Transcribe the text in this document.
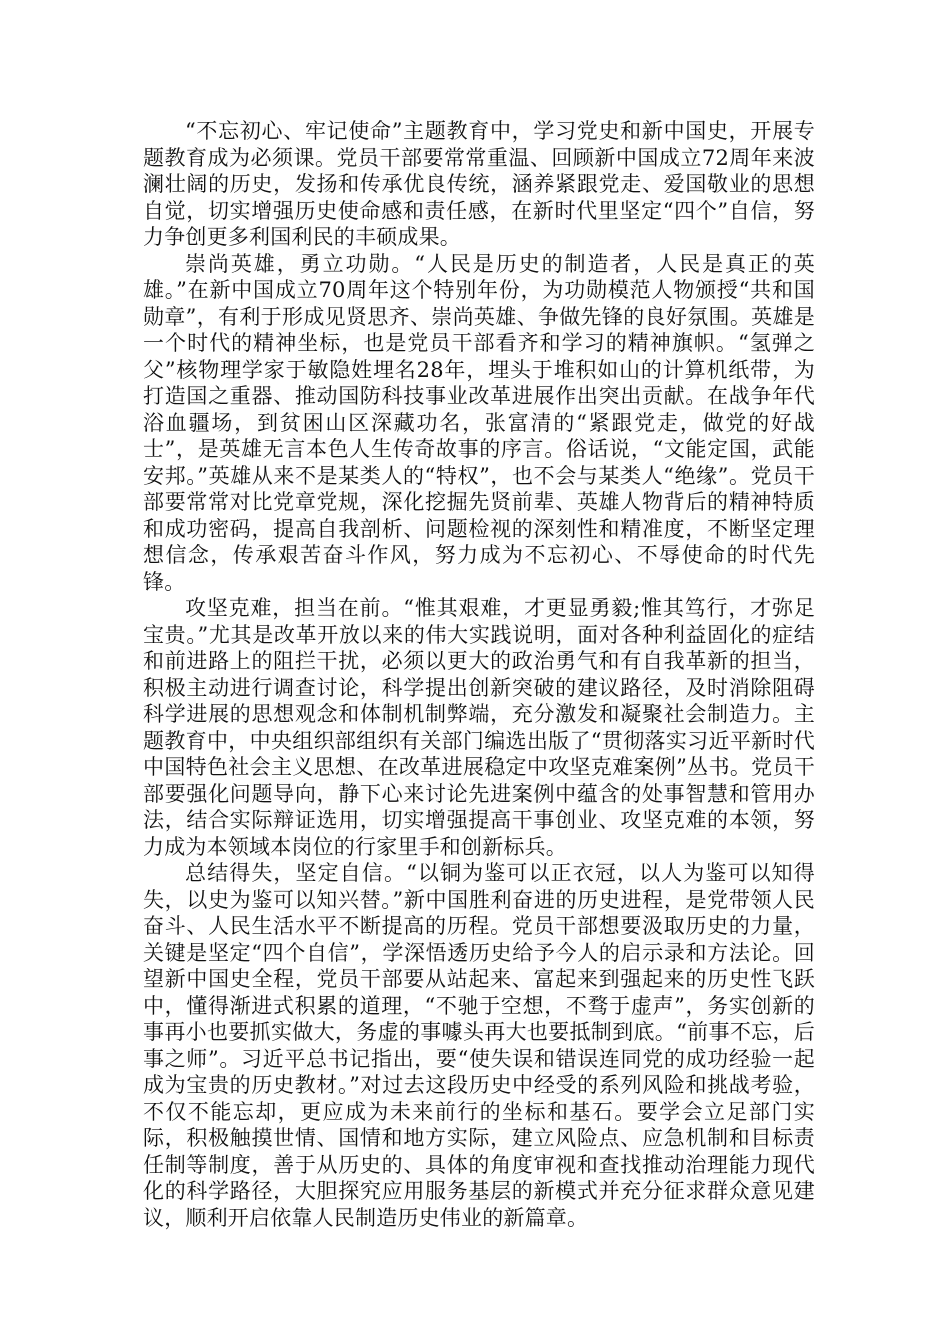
“不忘初心、牢记使命”主题教育中，学习党史和新中国史，开展专题教育成为必须课。党员干部要常常重温、回顾新中国成立72周年来波澜壮阔的历史，发扬和传承优良传统，涵养紧跟党走、爱国敬业的思想自觉，切实增强历史使命感和责任感，在新时代里坚定“四个”自信，努力争创更多利国利民的丰硕成果。

崇尚英雄，勇立功勋。“人民是历史的制造者，人民是真正的英雄。”在新中国成立70周年这个特别年份，为功勋模范人物颁授“共和国勋章”，有利于形成见贤思齐、崇尚英雄、争做先锋的良好氛围。英雄是一个时代的精神坐标，也是党员干部看齐和学习的精神旗帜。“氢弹之父”核物理学家于敏隐姓埋名28年，埋头于堆积如山的计算机纸带，为打造国之重器、推动国防科技事业改革进展作出突出贡献。在战争年代浴血疆场，到贫困山区深藏功名，张富清的“紧跟党走，做党的好战士”，是英雄无言本色人生传奇故事的序言。俗话说，“文能定国，武能安邦。”英雄从来不是某类人的“特权”，也不会与某类人“绝缘”。党员干部要常常对比党章党规，深化挖掘先贤前辈、英雄人物背后的精神特质和成功密码，提高自我剖析、问题检视的深刻性和精准度，不断坚定理想信念，传承艰苦奋斗作风，努力成为不忘初心、不辱使命的时代先锋。

攻坚克难，担当在前。“惟其艰难，才更显勇毅;惟其笃行，才弥足宝贵。”尤其是改革开放以来的伟大实践说明，面对各种利益固化的症结和前进路上的阻拦干扰，必须以更大的政治勇气和有自我革新的担当，积极主动进行调查讨论，科学提出创新突破的建议路径，及时消除阻碍科学进展的思想观念和体制机制弊端，充分激发和凝聚社会制造力。主题教育中，中央组织部组织有关部门编选出版了“贯彻落实习近平新时代中国特色社会主义思想、在改革进展稳定中攻坚克难案例”丛书。党员干部要强化问题导向，静下心来讨论先进案例中蕴含的处事智慧和管用办法，结合实际辩证选用，切实增强提高干事创业、攻坚克难的本领，努力成为本领域本岗位的行家里手和创新标兵。

总结得失，坚定自信。“以铜为鉴可以正衣冠，以人为鉴可以知得失，以史为鉴可以知兴替。”新中国胜利奋进的历史进程，是党带领人民奋斗、人民生活水平不断提高的历程。党员干部想要汲取历史的力量，关键是坚定“四个自信”，学深悟透历史给予今人的启示录和方法论。回望新中国史全程，党员干部要从站起来、富起来到强起来的历史性飞跃中，懂得渐进式积累的道理，“不驰于空想，不骛于虚声”，务实创新的事再小也要抓实做大，务虚的事噱头再大也要抵制到底。“前事不忘，后事之师”。习近平总书记指出，要“使失误和错误连同党的成功经验一起成为宝贵的历史教材。”对过去这段历史中经受的系列风险和挑战考验，不仅不能忘却，更应成为未来前行的坐标和基石。要学会立足部门实际，积极触摸世情、国情和地方实际，建立风险点、应急机制和目标责任制等制度，善于从历史的、具体的角度审视和查找推动治理能力现代化的科学路径，大胆探究应用服务基层的新模式并充分征求群众意见建议，顺利开启依靠人民制造历史伟业的新篇章。
